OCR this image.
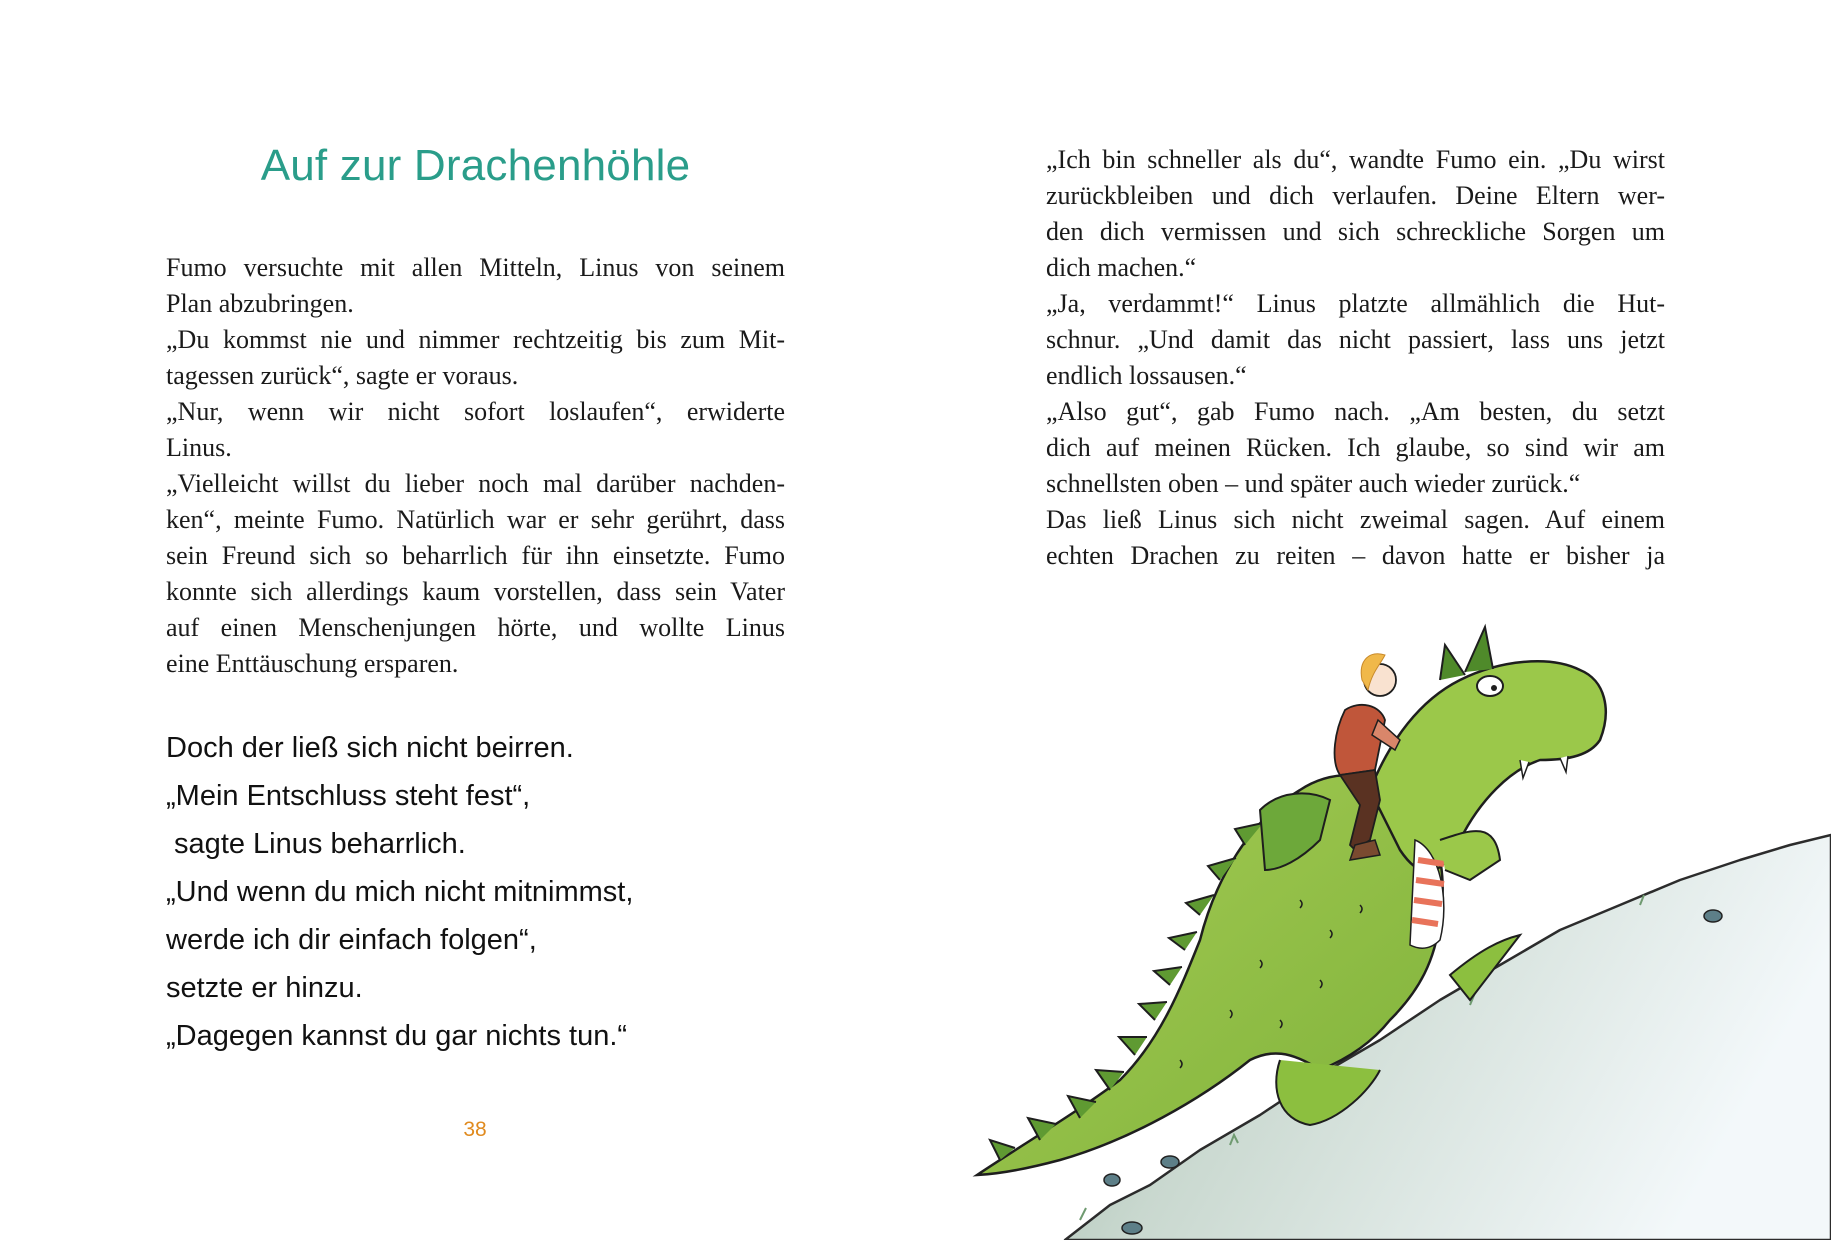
Auf zur Drachenhöhle
Fumo versuchte mit allen Mitteln, Linus von seinem
Plan abzubringen.
„Du kommst nie und nimmer rechtzeitig bis zum Mit-
tagessen zurück“, sagte er voraus.
„Nur, wenn wir nicht sofort loslaufen“, erwiderte
Linus.
„Vielleicht willst du lieber noch mal darüber nachden-
ken“, meinte Fumo. Natürlich war er sehr gerührt, dass
sein Freund sich so beharrlich für ihn einsetzte. Fumo
konnte sich allerdings kaum vorstellen, dass sein Vater
auf einen Menschenjungen hörte, und wollte Linus
eine Enttäuschung ersparen.
Doch der ließ sich nicht beirren.
„Mein Entschluss steht fest“,
sagte Linus beharrlich.
„Und wenn du mich nicht mitnimmst,
werde ich dir einfach folgen“,
setzte er hinzu.
„Dagegen kannst du gar nichts tun.“
38
„Ich bin schneller als du“, wandte Fumo ein. „Du wirst
zurückbleiben und dich verlaufen. Deine Eltern wer-
den dich vermissen und sich schreckliche Sorgen um
dich machen.“
„Ja, verdammt!“ Linus platzte allmählich die Hut-
schnur. „Und damit das nicht passiert, lass uns jetzt
endlich lossausen.“
„Also gut“, gab Fumo nach. „Am besten, du setzt
dich auf meinen Rücken. Ich glaube, so sind wir am
schnellsten oben – und später auch wieder zurück.“
Das ließ Linus sich nicht zweimal sagen. Auf einem
echten Drachen zu reiten – davon hatte er bisher ja
